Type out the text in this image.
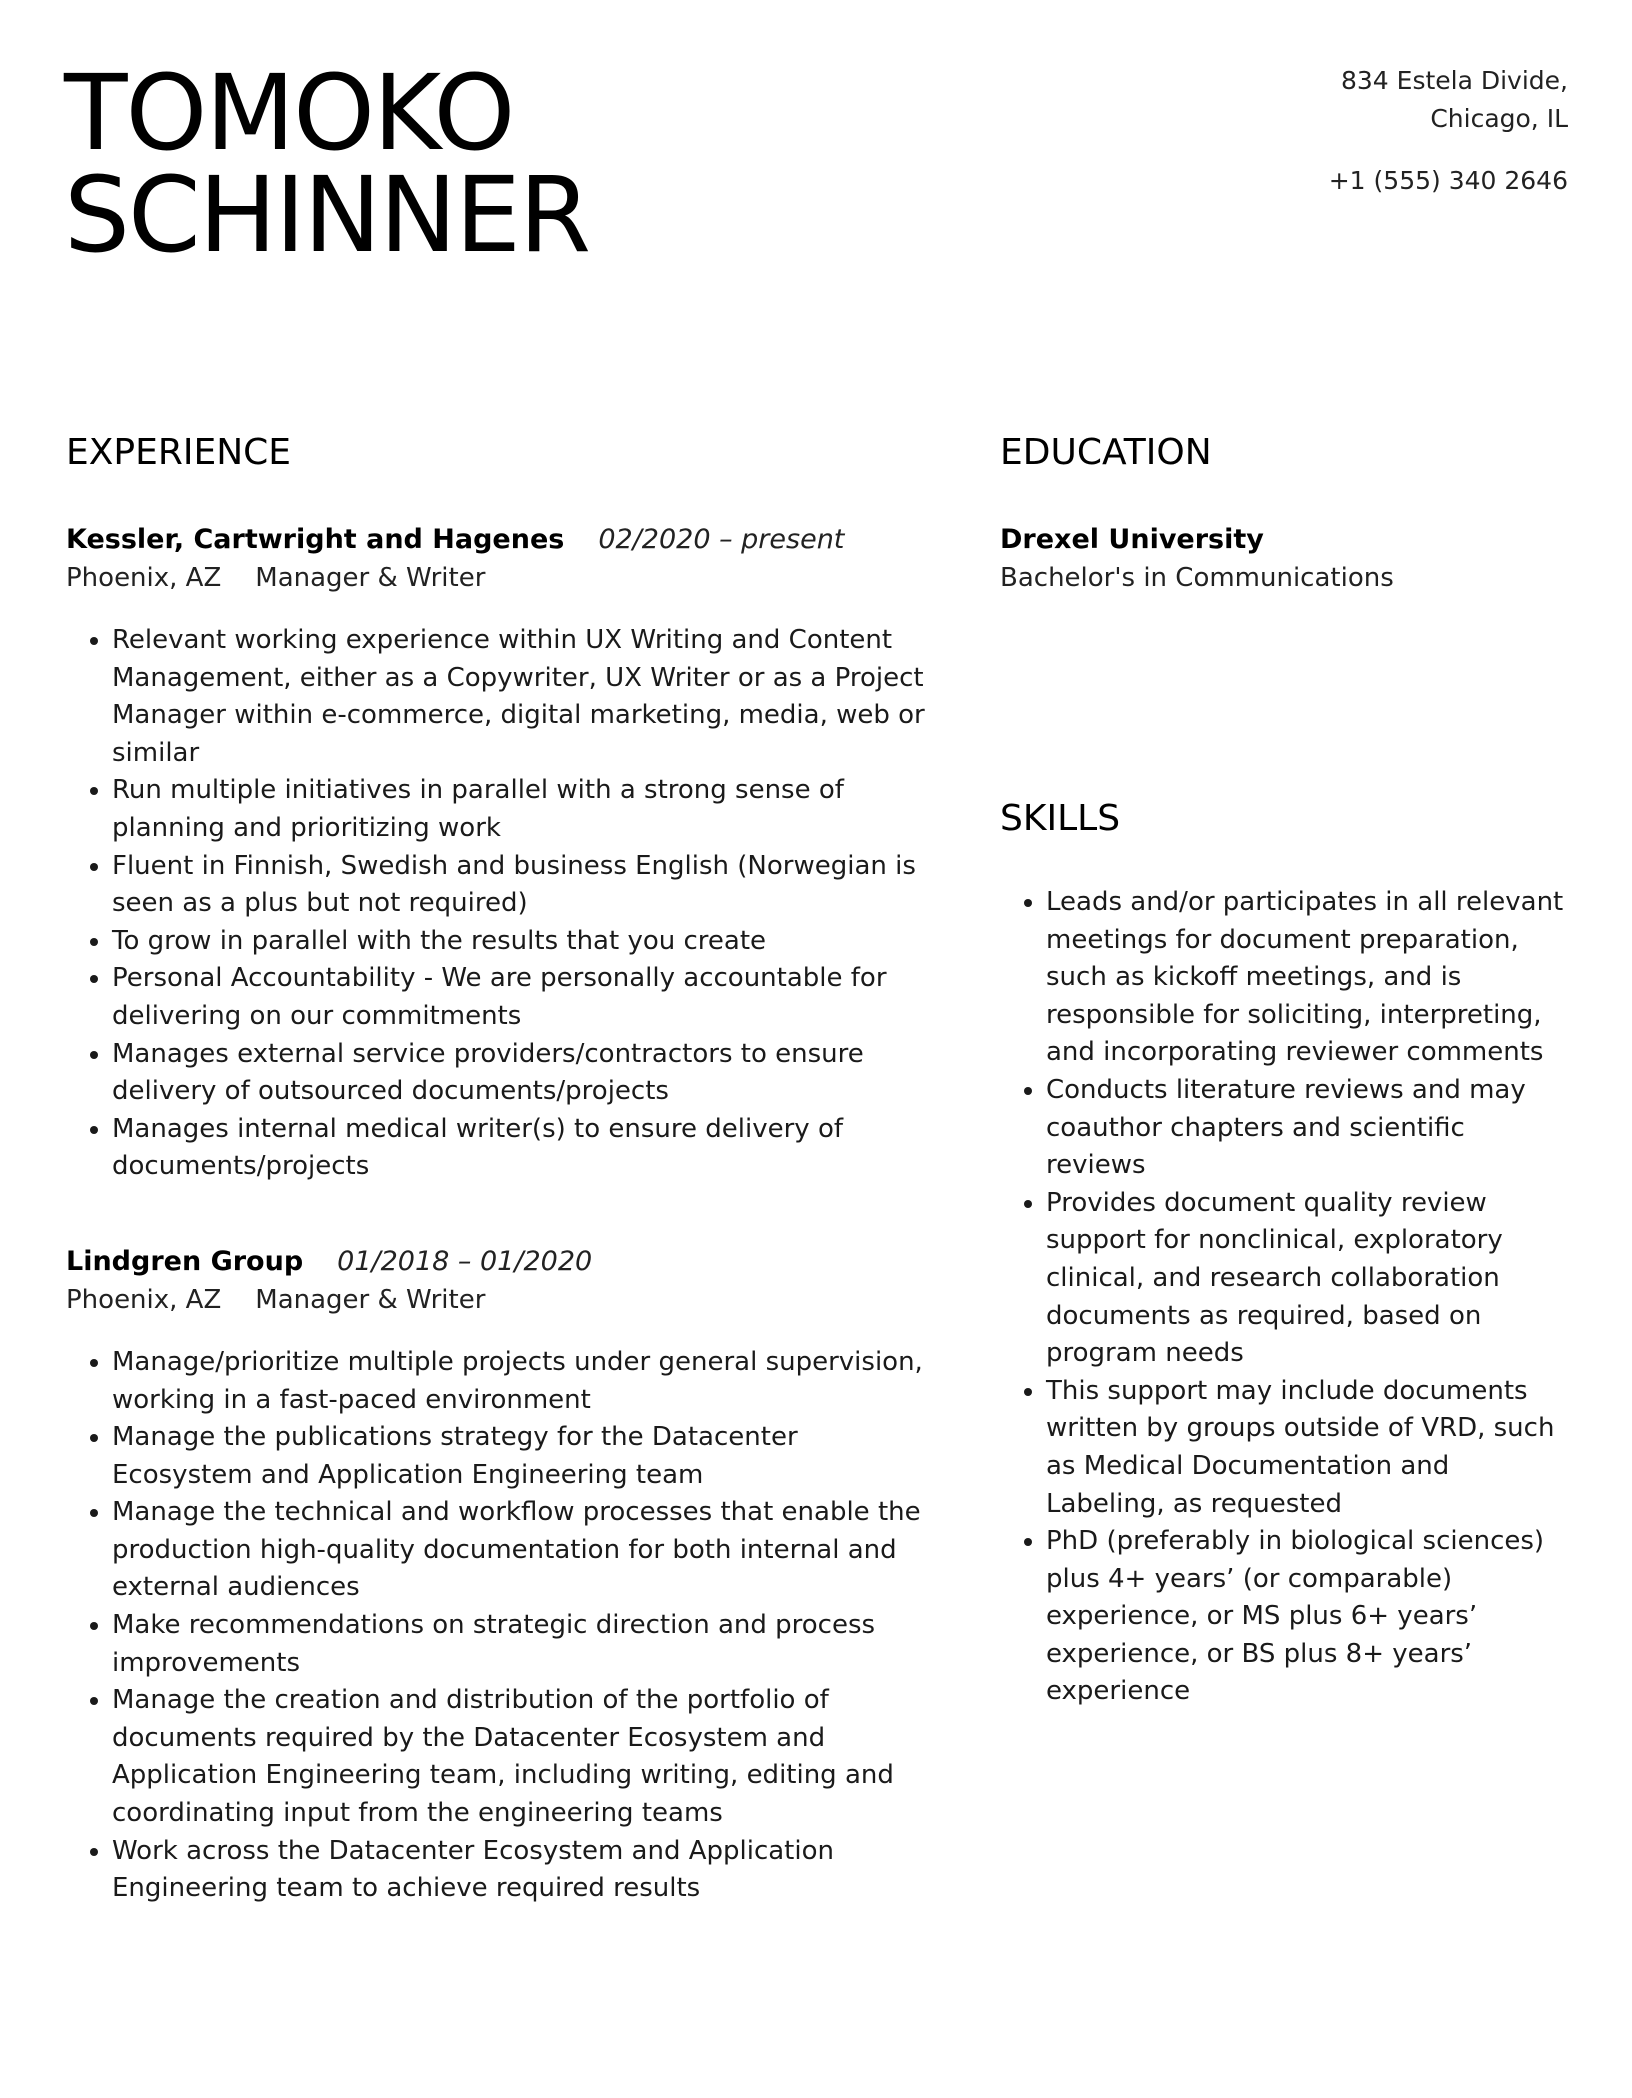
TOMOKO
SCHINNER
834 Estela Divide,
Chicago, IL
+1 (555) 340 2646
EXPERIENCE
Kessler, Cartwright and Hagenes 02/2020 – present
Phoenix, AZ Manager & Writer
• Relevant working experience within UX Writing and Content Management, either as a Copywriter, UX Writer or as a Project Manager within e-commerce, digital marketing, media, web or similar
• Run multiple initiatives in parallel with a strong sense of planning and prioritizing work
• Fluent in Finnish, Swedish and business English (Norwegian is seen as a plus but not required)
• To grow in parallel with the results that you create
• Personal Accountability - We are personally accountable for delivering on our commitments
• Manages external service providers/contractors to ensure delivery of outsourced documents/projects
• Manages internal medical writer(s) to ensure delivery of documents/projects
Lindgren Group 01/2018 – 01/2020
Phoenix, AZ Manager & Writer
• Manage/prioritize multiple projects under general supervision, working in a fast-paced environment
• Manage the publications strategy for the Datacenter Ecosystem and Application Engineering team
• Manage the technical and workflow processes that enable the production high-quality documentation for both internal and external audiences
• Make recommendations on strategic direction and process improvements
• Manage the creation and distribution of the portfolio of documents required by the Datacenter Ecosystem and Application Engineering team, including writing, editing and coordinating input from the engineering teams
• Work across the Datacenter Ecosystem and Application Engineering team to achieve required results
EDUCATION
Drexel University
Bachelor's in Communications
SKILLS
• Leads and/or participates in all relevant meetings for document preparation, such as kickoff meetings, and is responsible for soliciting, interpreting, and incorporating reviewer comments
• Conducts literature reviews and may coauthor chapters and scientific reviews
• Provides document quality review support for nonclinical, exploratory clinical, and research collaboration documents as required, based on program needs
• This support may include documents written by groups outside of VRD, such as Medical Documentation and Labeling, as requested
• PhD (preferably in biological sciences) plus 4+ years’ (or comparable) experience, or MS plus 6+ years’ experience, or BS plus 8+ years’ experience
